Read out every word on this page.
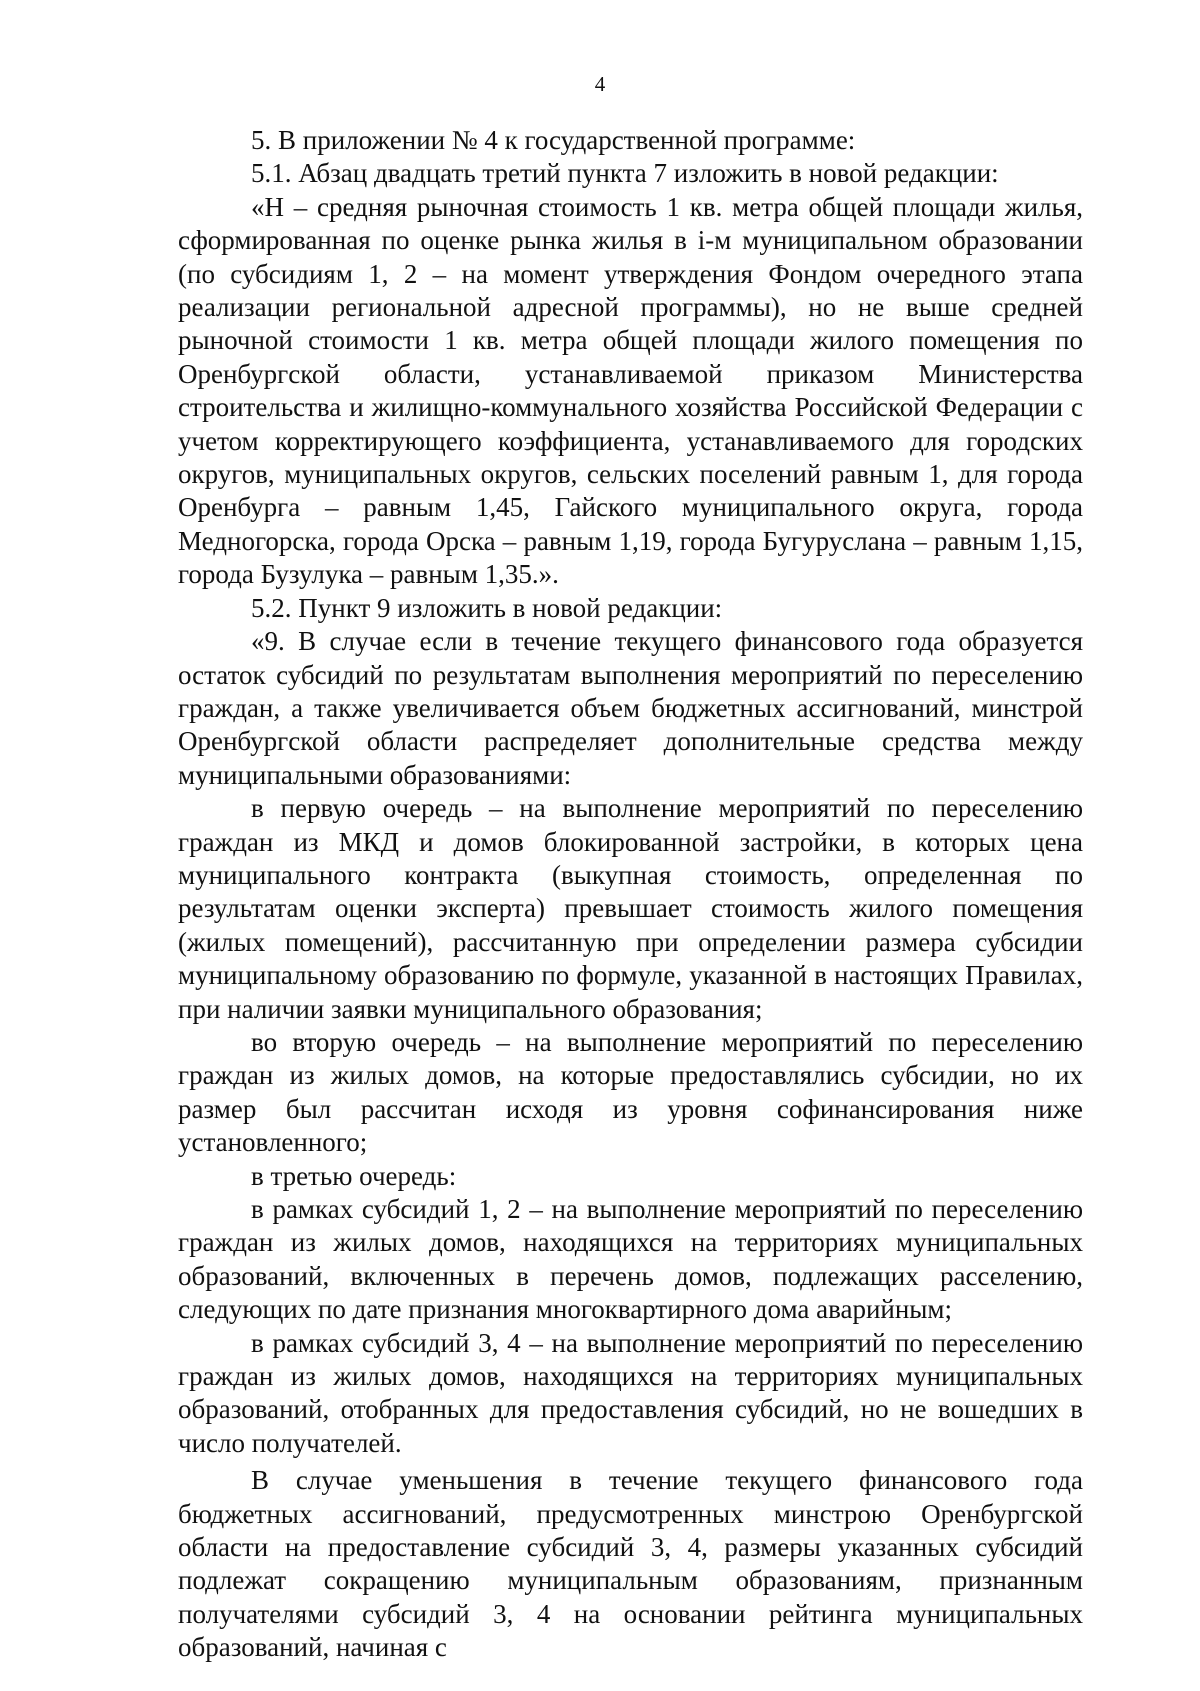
4

5. В приложении № 4 к государственной программе:

5.1. Абзац двадцать третий пункта 7 изложить в новой редакции:

«Н – средняя рыночная стоимость 1 кв. метра общей площади жилья, сформированная по оценке рынка жилья в i-м муниципальном образовании (по субсидиям 1, 2 – на момент утверждения Фондом очередного этапа реализации региональной адресной программы), но не выше средней рыночной стоимости 1 кв. метра общей площади жилого помещения по Оренбургской области, устанавливаемой приказом Министерства строительства и жилищно-коммунального хозяйства Российской Федерации с учетом корректирующего коэффициента, устанавливаемого для городских округов, муниципальных округов, сельских поселений равным 1, для города Оренбурга – равным 1,45, Гайского муниципального округа, города Медногорска, города Орска – равным 1,19, города Бугуруслана – равным 1,15, города Бузулука – равным 1,35.».

5.2. Пункт 9 изложить в новой редакции:

«9. В случае если в течение текущего финансового года образуется остаток субсидий по результатам выполнения мероприятий по переселению граждан, а также увеличивается объем бюджетных ассигнований, минстрой Оренбургской области распределяет дополнительные средства между муниципальными образованиями:

в первую очередь – на выполнение мероприятий по переселению граждан из МКД и домов блокированной застройки, в которых цена муниципального контракта (выкупная стоимость, определенная по результатам оценки эксперта) превышает стоимость жилого помещения (жилых помещений), рассчитанную при определении размера субсидии муниципальному образованию по формуле, указанной в настоящих Правилах, при наличии заявки муниципального образования;

во вторую очередь – на выполнение мероприятий по переселению граждан из жилых домов, на которые предоставлялись субсидии, но их размер был рассчитан исходя из уровня софинансирования ниже установленного;

в третью очередь:

в рамках субсидий 1, 2 – на выполнение мероприятий по переселению граждан из жилых домов, находящихся на территориях муниципальных образований, включенных в перечень домов, подлежащих расселению, следующих по дате признания многоквартирного дома аварийным;

в рамках субсидий 3, 4 – на выполнение мероприятий по переселению граждан из жилых домов, находящихся на территориях муниципальных образований, отобранных для предоставления субсидий, но не вошедших в число получателей.

В случае уменьшения в течение текущего финансового года бюджетных ассигнований, предусмотренных минстрою Оренбургской области на предоставление субсидий 3, 4, размеры указанных субсидий подлежат сокращению муниципальным образованиям, признанным получателями субсидий 3, 4 на основании рейтинга муниципальных образований, начиная с
